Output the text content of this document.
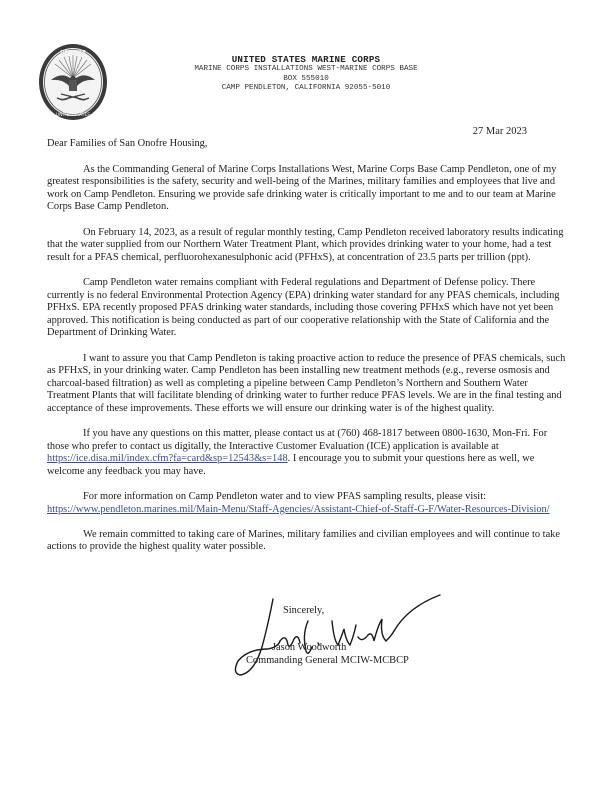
DEFENSE
UNITED STATES
UNITED STATES MARINE CORPS
MARINE CORPS INSTALLATIONS WEST-MARINE CORPS BASE
BOX 555010
CAMP PENDLETON, CALIFORNIA 92055-5010
27 Mar 2023

Dear Families of San Onofre Housing,

As the Commanding General of Marine Corps Installations West, Marine Corps Base Camp Pendleton, one of my greatest responsibilities is the safety, security and well-being of the Marines, military families and employees that live and work on Camp Pendleton. Ensuring we provide safe drinking water is critically important to me and to our team at Marine Corps Base Camp Pendleton.

On February 14, 2023, as a result of regular monthly testing, Camp Pendleton received laboratory results indicating that the water supplied from our Northern Water Treatment Plant, which provides drinking water to your home, had a test result for a PFAS chemical, perfluorohexanesulphonic acid (PFHxS), at concentration of 23.5 parts per trillion (ppt).

Camp Pendleton water remains compliant with Federal regulations and Department of Defense policy. There currently is no federal Environmental Protection Agency (EPA) drinking water standard for any PFAS chemicals, including PFHxS. EPA recently proposed PFAS drinking water standards, including those covering PFHxS which have not yet been approved. This notification is being conducted as part of our cooperative relationship with the State of California and the Department of Drinking Water.

I want to assure you that Camp Pendleton is taking proactive action to reduce the presence of PFAS chemicals, such as PFHxS, in your drinking water. Camp Pendleton has been installing new treatment methods (e.g., reverse osmosis and charcoal-based filtration) as well as completing a pipeline between Camp Pendleton’s Northern and Southern Water Treatment Plants that will facilitate blending of drinking water to further reduce PFAS levels. We are in the final testing and acceptance of these improvements. These efforts we will ensure our drinking water is of the highest quality.

If you have any questions on this matter, please contact us at (760) 468-1817 between 0800-1630, Mon-Fri. For those who prefer to contact us digitally, the Interactive Customer Evaluation (ICE) application is available at https://ice.disa.mil/index.cfm?fa=card&sp=12543&s=148. I encourage you to submit your questions here as well, we welcome any feedback you may have.

For more information on Camp Pendleton water and to view PFAS sampling results, please visit: https://www.pendleton.marines.mil/Main-Menu/Staff-Agencies/Assistant-Chief-of-Staff-G-F/Water-Resources-Division/

We remain committed to taking care of Marines, military families and civilian employees and will continue to take actions to provide the highest quality water possible.

Sincerely,
Jason Woodworth
Commanding General MCIW-MCBCP
